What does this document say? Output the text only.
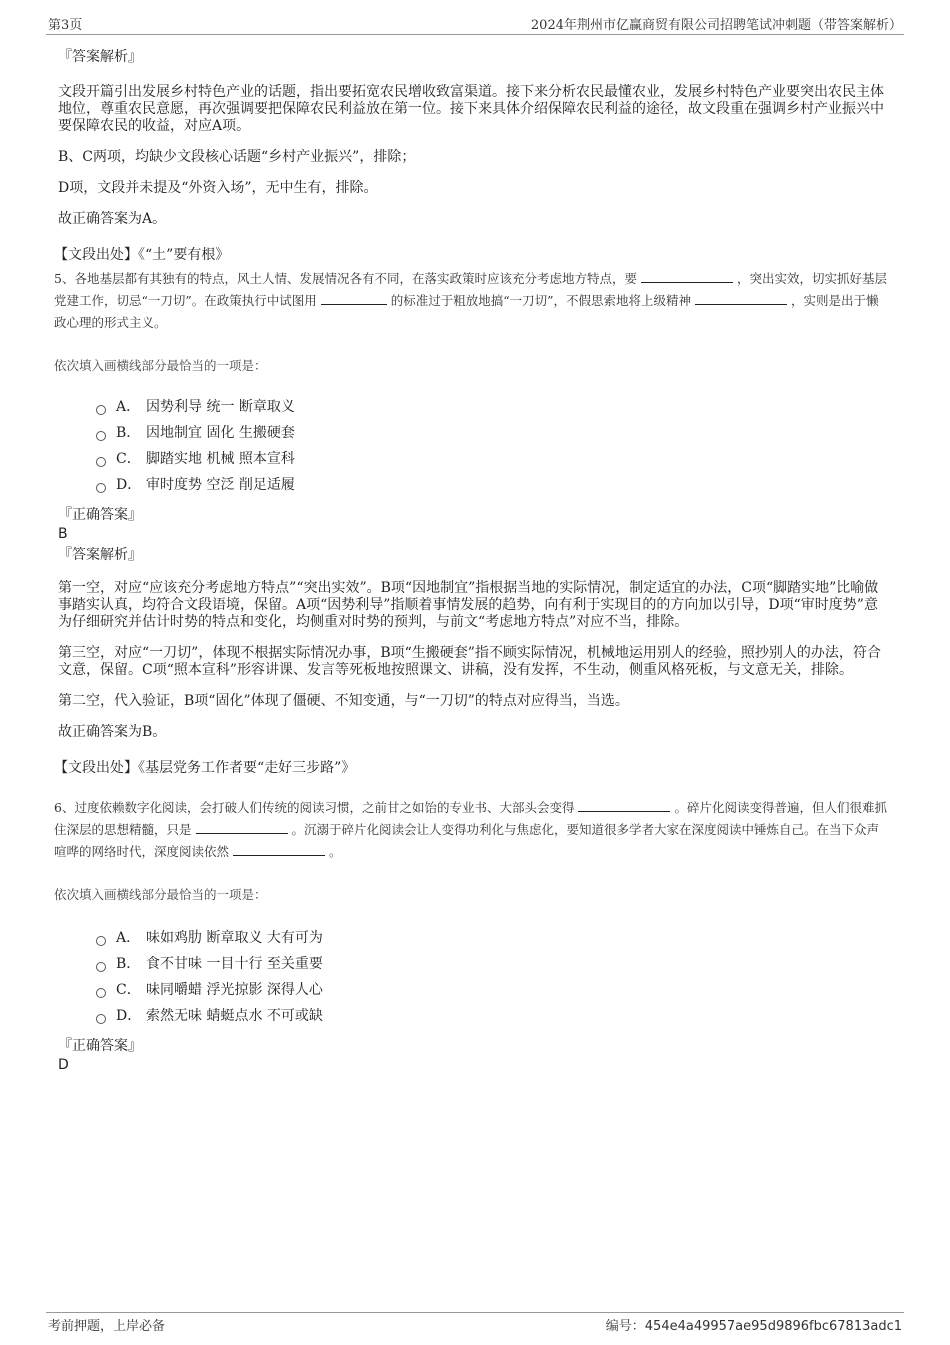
第3页	2024年荆州市亿赢商贸有限公司招聘笔试冲刺题（带答案解析）
『答案解析』

文段开篇引出发展乡村特色产业的话题，指出要拓宽农民增收致富渠道。接下来分析农民最懂农业，发展乡村特色产业要突出农民主体地位，尊重农民意愿，再次强调要把保障农民利益放在第一位。接下来具体介绍保障农民利益的途径，故文段重在强调乡村产业振兴中要保障农民的收益，对应A项。

B、C两项，均缺少文段核心话题“乡村产业振兴”，排除；

D项，文段并未提及“外资入场”，无中生有，排除。

故正确答案为A。

【文段出处】《“土”要有根》
5、各地基层都有其独有的特点，风土人情、发展情况各有不同，在落实政策时应该充分考虑地方特点，要	，突出实效，切实抓好基层党建工作，切忌“一刀切”。在政策执行中试图用	的标准过于粗放地搞“一刀切”，不假思索地将上级精神	，实则是出于懒政心理的形式主义。
依次填入画横线部分最恰当的一项是：
A． 因势利导 统一 断章取义
B． 因地制宜 固化 生搬硬套
C． 脚踏实地 机械 照本宣科
D． 审时度势 空泛 削足适履
『正确答案』
B
『答案解析』

第一空，对应“应该充分考虑地方特点”“突出实效”。B项“因地制宜”指根据当地的实际情况，制定适宜的办法，C项“脚踏实地”比喻做事踏实认真，均符合文段语境，保留。A项“因势利导”指顺着事情发展的趋势，向有利于实现目的的方向加以引导，D项“审时度势”意为仔细研究并估计时势的特点和变化，均侧重对时势的预判，与前文“考虑地方特点”对应不当，排除。

第三空，对应“一刀切”，体现不根据实际情况办事，B项“生搬硬套”指不顾实际情况，机械地运用别人的经验，照抄别人的办法，符合文意，保留。C项“照本宣科”形容讲课、发言等死板地按照课文、讲稿，没有发挥，不生动，侧重风格死板，与文意无关，排除。

第二空，代入验证，B项“固化”体现了僵硬、不知变通，与“一刀切”的特点对应得当，当选。

故正确答案为B。

【文段出处】《基层党务工作者要“走好三步路”》
6、过度依赖数字化阅读，会打破人们传统的阅读习惯，之前甘之如饴的专业书、大部头会变得	。碎片化阅读变得普遍，但人们很难抓住深层的思想精髓，只是	。沉溺于碎片化阅读会让人变得功利化与焦虑化，要知道很多学者大家在深度阅读中锤炼自己。在当下众声喧哗的网络时代，深度阅读依然	。
依次填入画横线部分最恰当的一项是：
A． 味如鸡肋 断章取义 大有可为
B． 食不甘味 一目十行 至关重要
C． 味同嚼蜡 浮光掠影 深得人心
D． 索然无味 蜻蜓点水 不可或缺
『正确答案』
D
考前押题，上岸必备	编号：454e4a49957ae95d9896fbc67813adc1
